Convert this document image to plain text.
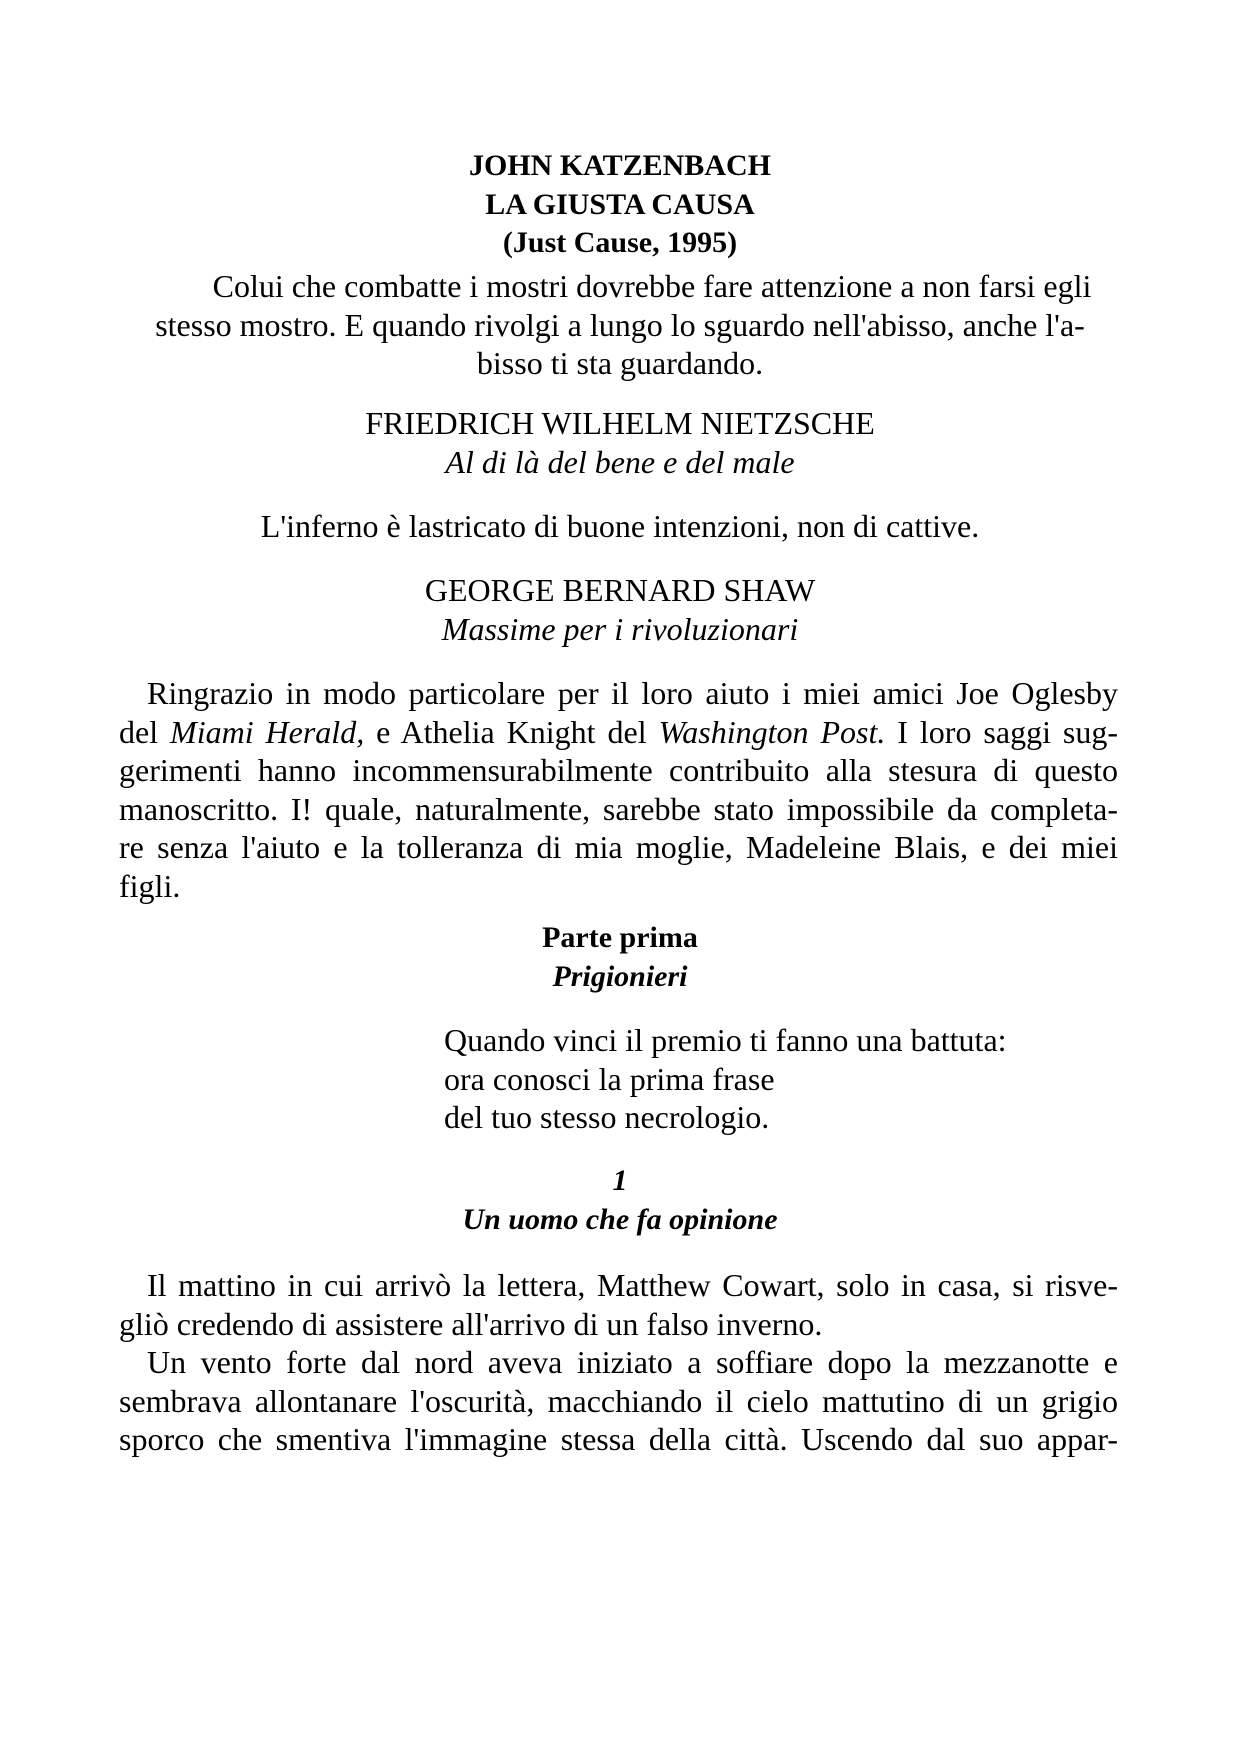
JOHN KATZENBACH
LA GIUSTA CAUSA
(Just Cause, 1995)
Colui che combatte i mostri dovrebbe fare attenzione a non farsi egli
stesso mostro. E quando rivolgi a lungo lo sguardo nell'abisso, anche l'a-
bisso ti sta guardando.
FRIEDRICH WILHELM NIETZSCHE
Al di là del bene e del male
L'inferno è lastricato di buone intenzioni, non di cattive.
GEORGE BERNARD SHAW
Massime per i rivoluzionari
Ringrazio in modo particolare per il loro aiuto i miei amici Joe Oglesby
del Miami Herald, e Athelia Knight del Washington Post. I loro saggi sug-
gerimenti hanno incommensurabilmente contribuito alla stesura di questo
manoscritto. I! quale, naturalmente, sarebbe stato impossibile da completa-
re senza l'aiuto e la tolleranza di mia moglie, Madeleine Blais, e dei miei
figli.
Parte prima
Prigionieri
Quando vinci il premio ti fanno una battuta:
ora conosci la prima frase
del tuo stesso necrologio.
1
Un uomo che fa opinione
Il mattino in cui arrivò la lettera, Matthew Cowart, solo in casa, si risve-
gliò credendo di assistere all'arrivo di un falso inverno.
Un vento forte dal nord aveva iniziato a soffiare dopo la mezzanotte e
sembrava allontanare l'oscurità, macchiando il cielo mattutino di un grigio
sporco che smentiva l'immagine stessa della città. Uscendo dal suo appar-
